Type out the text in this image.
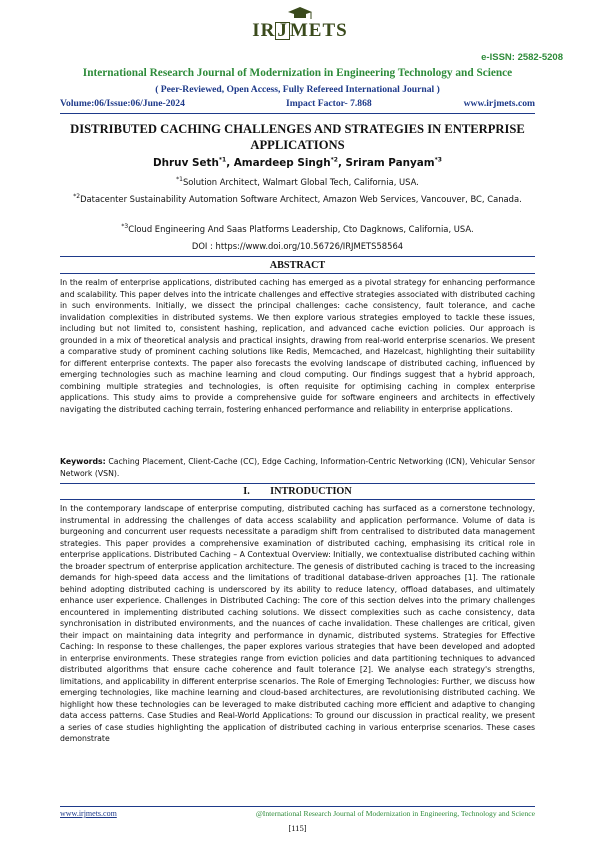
IR J METS
e-ISSN: 2582-5208
International Research Journal of Modernization in Engineering Technology and Science
( Peer-Reviewed, Open Access, Fully Refereed International Journal )
Volume:06/Issue:06/June-2024	Impact Factor- 7.868	www.irjmets.com
DISTRIBUTED CACHING CHALLENGES AND STRATEGIES IN ENTERPRISE APPLICATIONS
Dhruv Seth$^{*1}$, Amardeep Singh$^{*2}$, Sriram Panyam$^{*3}$
$^{*1}$Solution Architect, Walmart Global Tech, California, USA.
$^{*2}$Datacenter Sustainability Automation Software Architect, Amazon Web Services, Vancouver, BC, Canada.
$^{*3}$Cloud Engineering And Saas Platforms Leadership, Cto Dagknows, California, USA.
DOI : https://www.doi.org/10.56726/IRJMETS58564
ABSTRACT

In the realm of enterprise applications, distributed caching has emerged as a pivotal strategy for enhancing performance and scalability. This paper delves into the intricate challenges and effective strategies associated with distributed caching in such environments. Initially, we dissect the principal challenges: cache consistency, fault tolerance, and cache invalidation complexities in distributed systems. We then explore various strategies employed to tackle these issues, including but not limited to, consistent hashing, replication, and advanced cache eviction policies. Our approach is grounded in a mix of theoretical analysis and practical insights, drawing from real-world enterprise scenarios. We present a comparative study of prominent caching solutions like Redis, Memcached, and Hazelcast, highlighting their suitability for different enterprise contexts. The paper also forecasts the evolving landscape of distributed caching, influenced by emerging technologies such as machine learning and cloud computing. Our findings suggest that a hybrid approach, combining multiple strategies and technologies, is often requisite for optimising caching in complex enterprise applications. This study aims to provide a comprehensive guide for software engineers and architects in effectively navigating the distributed caching terrain, fostering enhanced performance and reliability in enterprise applications.

Keywords: Caching Placement, Client-Cache (CC), Edge Caching, Information-Centric Networking (ICN), Vehicular Sensor Network (VSN).

I.        INTRODUCTION

In the contemporary landscape of enterprise computing, distributed caching has surfaced as a cornerstone technology, instrumental in addressing the challenges of data access scalability and application performance. Volume of data is burgeoning and concurrent user requests necessitate a paradigm shift from centralised to distributed data management strategies. This paper provides a comprehensive examination of distributed caching, emphasising its critical role in enterprise applications. Distributed Caching – A Contextual Overview: Initially, we contextualise distributed caching within the broader spectrum of enterprise application architecture. The genesis of distributed caching is traced to the increasing demands for high-speed data access and the limitations of traditional database-driven approaches [1]. The rationale behind adopting distributed caching is underscored by its ability to reduce latency, offload databases, and ultimately enhance user experience. Challenges in Distributed Caching: The core of this section delves into the primary challenges encountered in implementing distributed caching solutions. We dissect complexities such as cache consistency, data synchronisation in distributed environments, and the nuances of cache invalidation. These challenges are critical, given their impact on maintaining data integrity and performance in dynamic, distributed systems. Strategies for Effective Caching: In response to these challenges, the paper explores various strategies that have been developed and adopted in enterprise environments. These strategies range from eviction policies and data partitioning techniques to advanced distributed algorithms that ensure cache coherence and fault tolerance [2]. We analyse each strategy's strengths, limitations, and applicability in different enterprise scenarios. The Role of Emerging Technologies: Further, we discuss how emerging technologies, like machine learning and cloud-based architectures, are revolutionising distributed caching. We highlight how these technologies can be leveraged to make distributed caching more efficient and adaptive to changing data access patterns. Case Studies and Real-World Applications: To ground our discussion in practical reality, we present a series of case studies highlighting the application of distributed caching in various enterprise scenarios. These cases demonstrate

www.irjmets.com	@International Research Journal of Modernization in Engineering, Technology and Science
[115]
